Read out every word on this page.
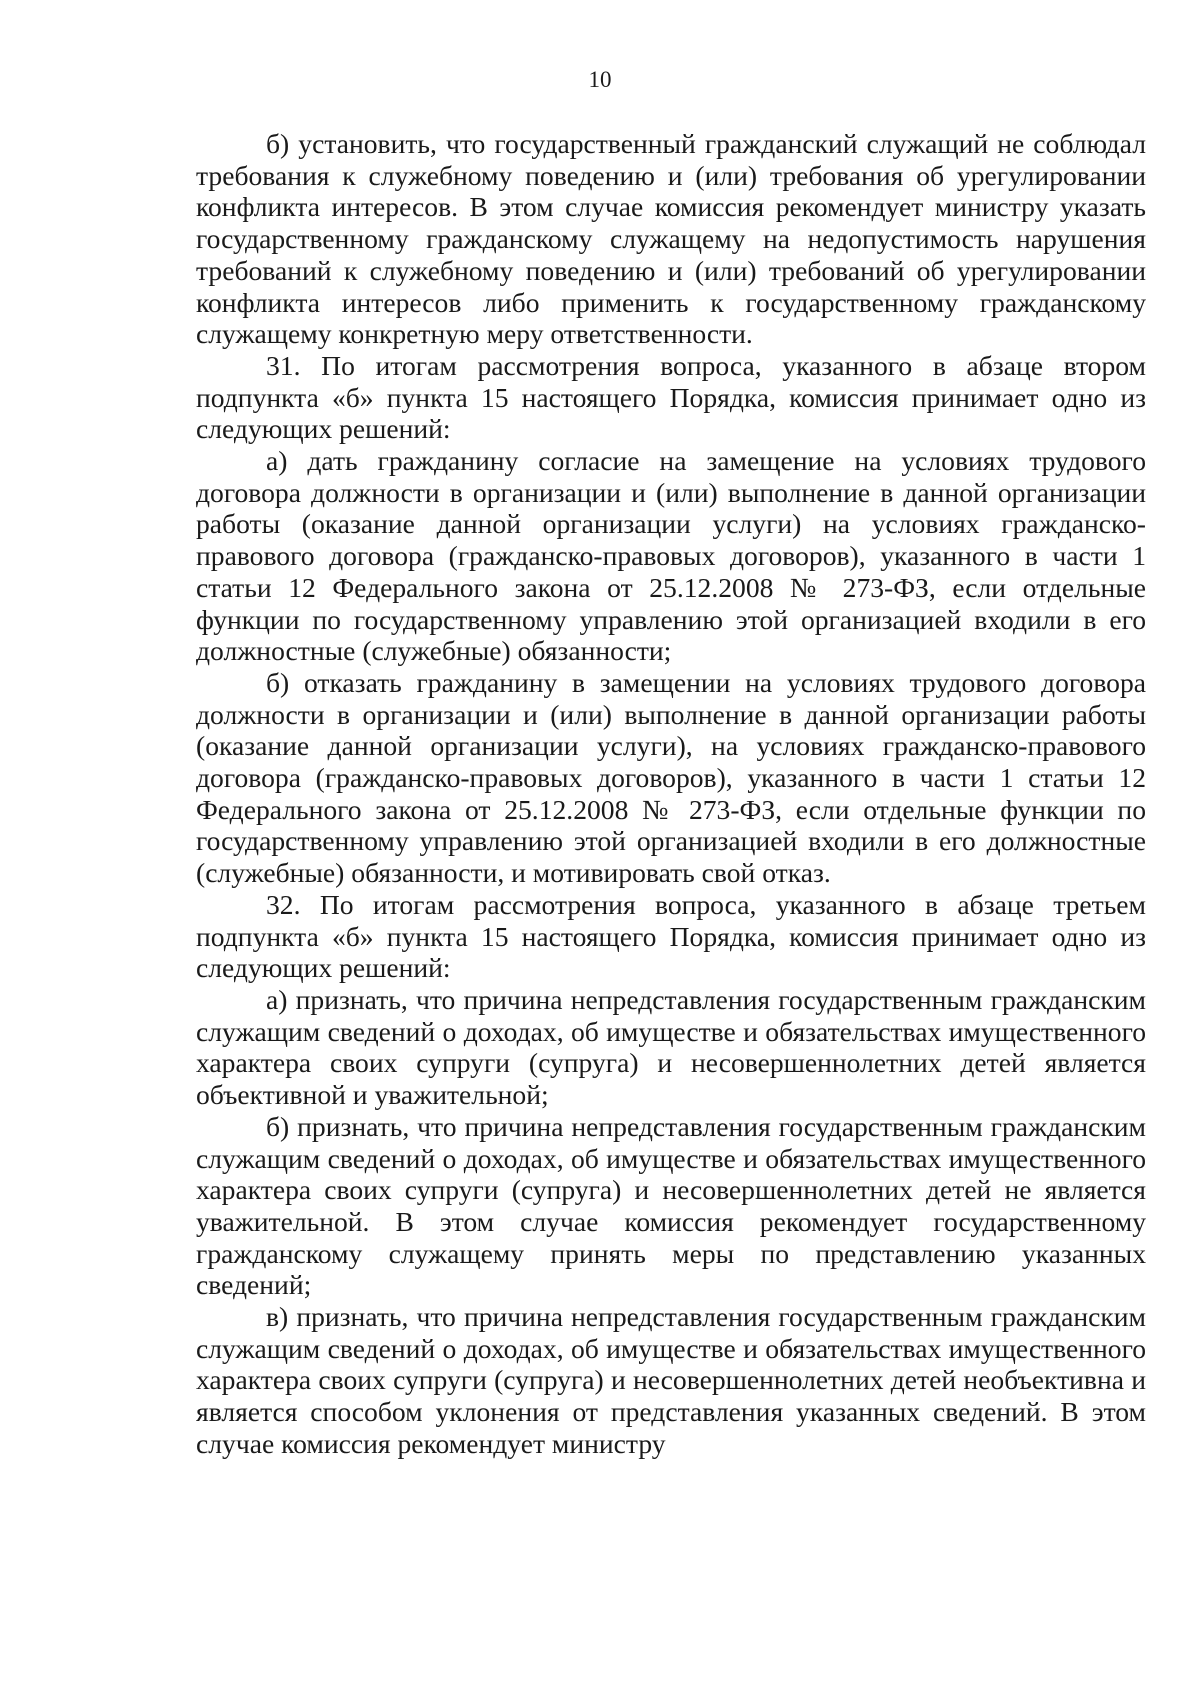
10

б) установить, что государственный гражданский служащий не соблюдал требования к служебному поведению и (или) требования об урегулировании конфликта интересов. В этом случае комиссия рекомендует министру указать государственному гражданскому служащему на недопустимость нарушения требований к служебному поведению и (или) требований об урегулировании конфликта интересов либо применить к государственному гражданскому служащему конкретную меру ответственности.

31. По итогам рассмотрения вопроса, указанного в абзаце втором подпункта «б» пункта 15 настоящего Порядка, комиссия принимает одно из следующих решений:

а) дать гражданину согласие на замещение на условиях трудового договора должности в организации и (или) выполнение в данной организации работы (оказание данной организации услуги) на условиях гражданско-правового договора (гражданско-правовых договоров), указанного в части 1 статьи 12 Федерального закона от 25.12.2008 № 273-ФЗ, если отдельные функции по государственному управлению этой организацией входили в его должностные (служебные) обязанности;

б) отказать гражданину в замещении на условиях трудового договора должности в организации и (или) выполнение в данной организации работы (оказание данной организации услуги), на условиях гражданско-правового договора (гражданско-правовых договоров), указанного в части 1 статьи 12 Федерального закона от 25.12.2008 № 273-ФЗ, если отдельные функции по государственному управлению этой организацией входили в его должностные (служебные) обязанности, и мотивировать свой отказ.

32. По итогам рассмотрения вопроса, указанного в абзаце третьем подпункта «б» пункта 15 настоящего Порядка, комиссия принимает одно из следующих решений:

а) признать, что причина непредставления государственным гражданским служащим сведений о доходах, об имуществе и обязательствах имущественного характера своих супруги (супруга) и несовершеннолетних детей является объективной и уважительной;

б) признать, что причина непредставления государственным гражданским служащим сведений о доходах, об имуществе и обязательствах имущественного характера своих супруги (супруга) и несовершеннолетних детей не является уважительной. В этом случае комиссия рекомендует государственному гражданскому служащему принять меры по представлению указанных сведений;

в) признать, что причина непредставления государственным гражданским служащим сведений о доходах, об имуществе и обязательствах имущественного характера своих супруги (супруга) и несовершеннолетних детей необъективна и является способом уклонения от представления указанных сведений. В этом случае комиссия рекомендует министру
